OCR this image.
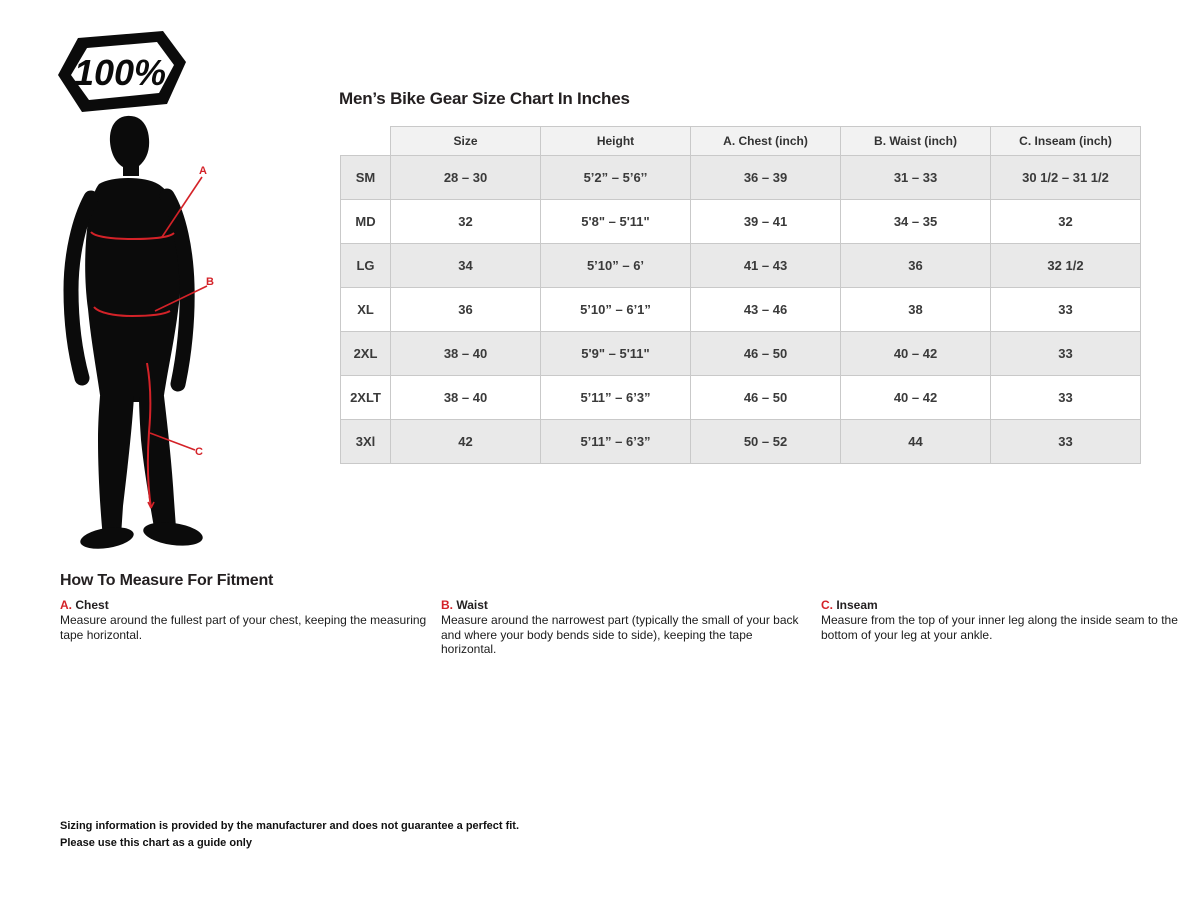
100%
A
B
C
Men’s Bike Gear Size Chart In Inches
	Size	Height	A. Chest (inch)	B. Waist (inch)	C. Inseam (inch)
SM	28 – 30	5’2” – 5’6’’	36 – 39	31 – 33	30 1/2 – 31 1/2
MD	32	5'8" – 5'11"	39 – 41	34 – 35	32
LG	34	5’10” – 6’	41 – 43	36	32 1/2
XL	36	5’10” – 6’1”	43 – 46	38	33
2XL	38 – 40	5'9" – 5'11"	46 – 50	40 – 42	33
2XLT	38 – 40	5’11” – 6’3”	46 – 50	40 – 42	33
3Xl	42	5’11” – 6’3”	50 – 52	44	33
How To Measure For Fitment
A. Chest
Measure around the fullest part of your chest, keeping the measuring tape horizontal.
B. Waist
Measure around the narrowest part (typically the small of your back and where your body bends side to side), keeping the tape horizontal.
C. Inseam
Measure from the top of your inner leg along the inside seam to the bottom of your leg at your ankle.
Sizing information is provided by the manufacturer and does not guarantee a perfect fit.
Please use this chart as a guide only
